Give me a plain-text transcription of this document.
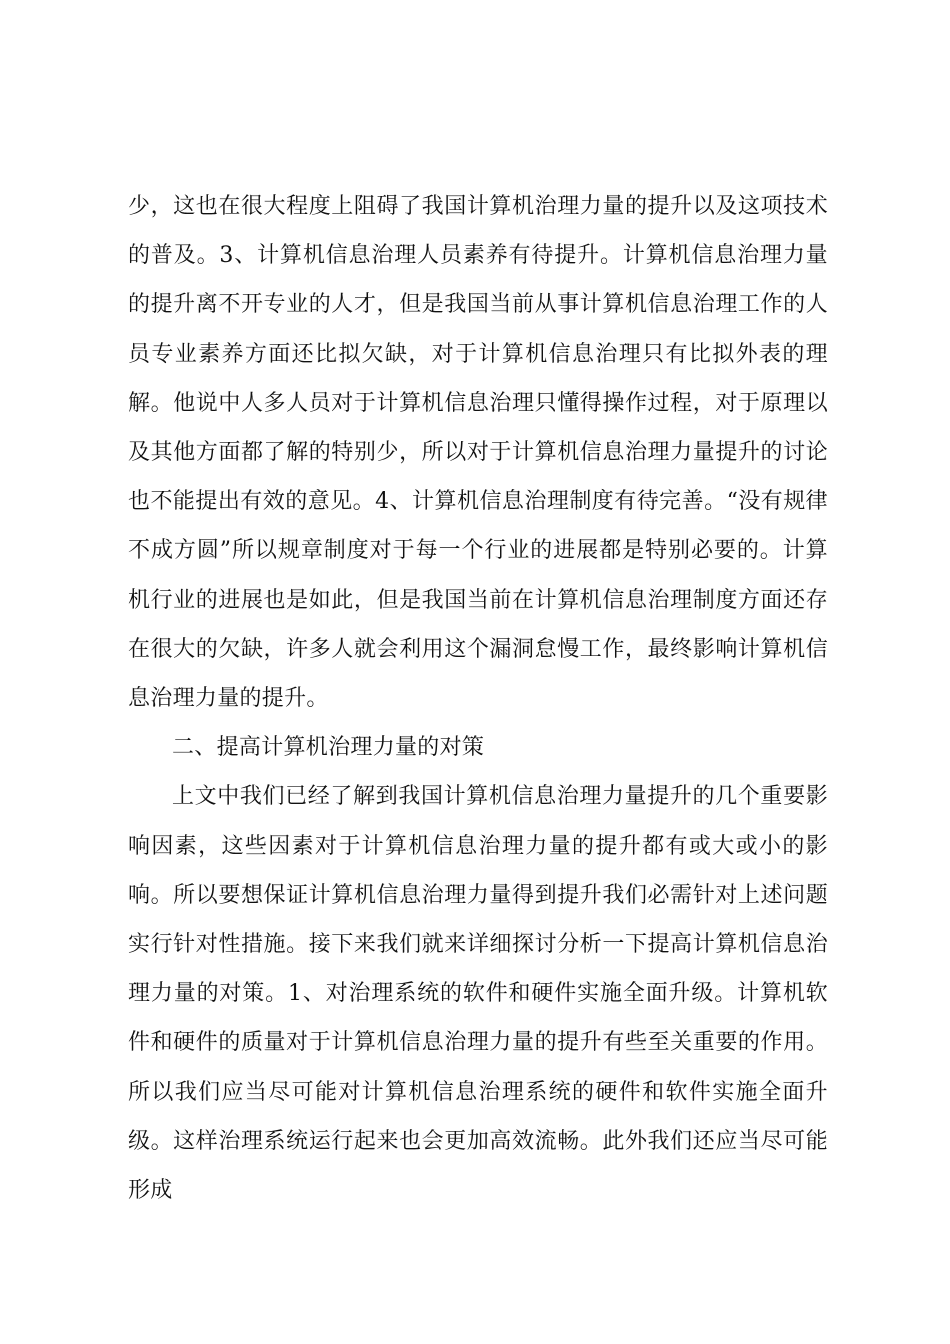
少，这也在很大程度上阻碍了我国计算机治理力量的提升以及这项技术的普及。3、计算机信息治理人员素养有待提升。计算机信息治理力量的提升离不开专业的人才，但是我国当前从事计算机信息治理工作的人员专业素养方面还比拟欠缺，对于计算机信息治理只有比拟外表的理解。他说中人多人员对于计算机信息治理只懂得操作过程，对于原理以及其他方面都了解的特别少，所以对于计算机信息治理力量提升的讨论也不能提出有效的意见。4、计算机信息治理制度有待完善。“没有规律不成方圆”所以规章制度对于每一个行业的进展都是特别必要的。计算机行业的进展也是如此，但是我国当前在计算机信息治理制度方面还存在很大的欠缺，许多人就会利用这个漏洞怠慢工作，最终影响计算机信息治理力量的提升。

二、提高计算机治理力量的对策

上文中我们已经了解到我国计算机信息治理力量提升的几个重要影响因素，这些因素对于计算机信息治理力量的提升都有或大或小的影响。所以要想保证计算机信息治理力量得到提升我们必需针对上述问题实行针对性措施。接下来我们就来详细探讨分析一下提高计算机信息治理力量的对策。1、对治理系统的软件和硬件实施全面升级。计算机软件和硬件的质量对于计算机信息治理力量的提升有些至关重要的作用。所以我们应当尽可能对计算机信息治理系统的硬件和软件实施全面升级。这样治理系统运行起来也会更加高效流畅。此外我们还应当尽可能形成
